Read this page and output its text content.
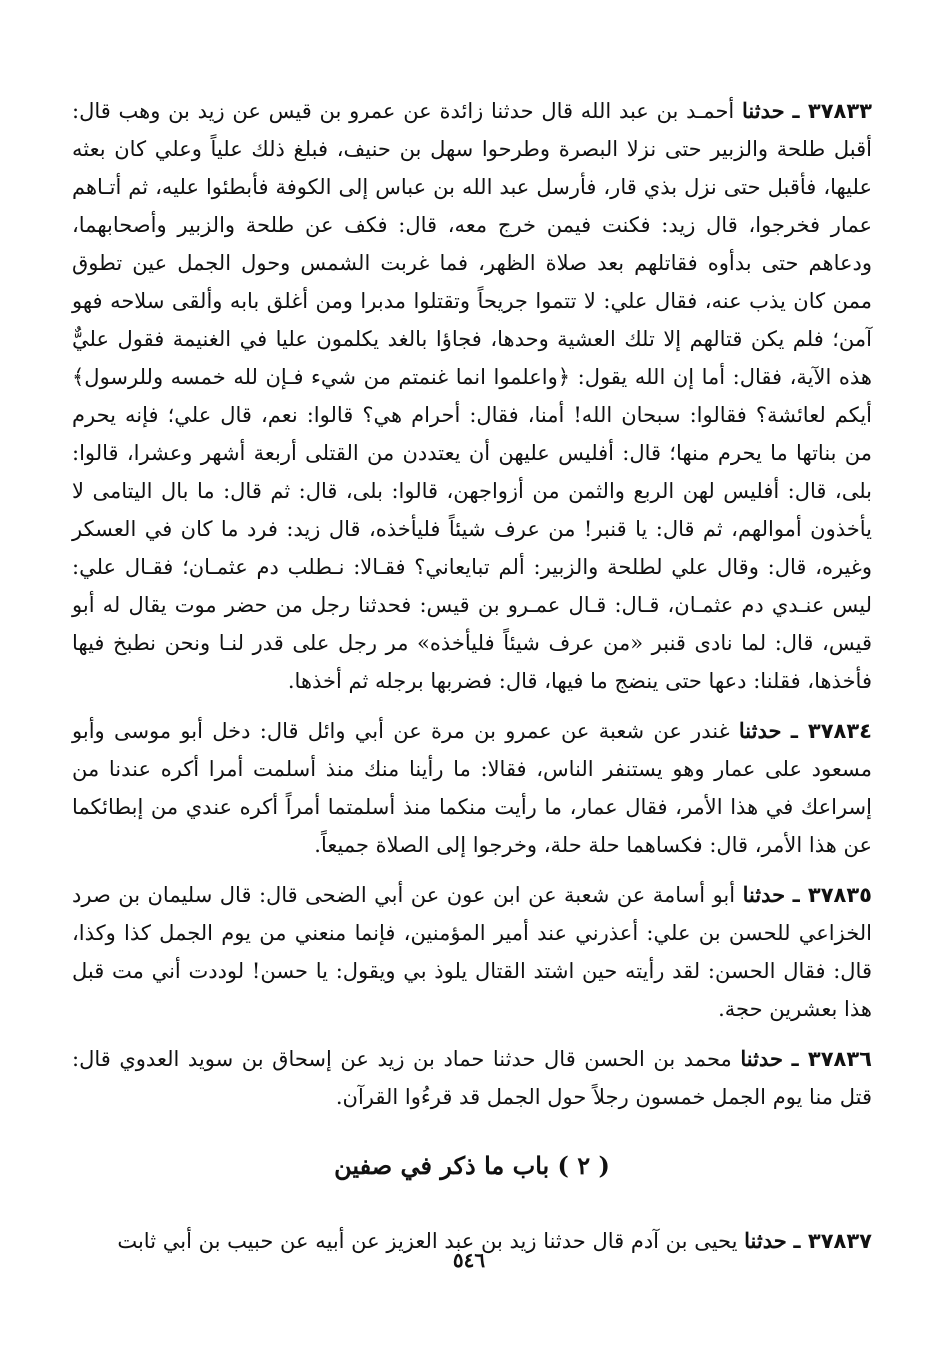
٣٧٨٣٣ ـ حدثنا أحمـد بن عبد الله قال حدثنا زائدة عن عمرو بن قيس عن زيد بن وهب قال: أقبل طلحة والزبير حتى نزلا البصرة وطرحوا سهل بن حنيف، فبلغ ذلك علياً وعلي كان بعثه عليها، فأقبل حتى نزل بذي قار، فأرسل عبد الله بن عباس إلى الكوفة فأبطئوا عليه، ثم أتـاهم عمار فخرجوا، قال زيد: فكنت فيمن خرج معه، قال: فكف عن طلحة والزبير وأصحابهما، ودعاهم حتى بدأوه فقاتلهم بعد صلاة الظهر، فما غربت الشمس وحول الجمل عين تطوق ممن كان يذب عنه، فقال علي: لا تتموا جريحاً وتقتلوا مدبرا ومن أغلق بابه وألقى سلاحه فهو آمن؛ فلم يكن قتالهم إلا تلك العشية وحدها، فجاؤا بالغد يكلمون عليا في الغنيمة فقول عليٌّ هذه الآية، فقال: أما إن الله يقول: ﴿واعلموا انما غنمتم من شيء فـإن لله خمسه وللرسول﴾ أيكم لعائشة؟ فقالوا: سبحان الله! أمنا، فقال: أحرام هي؟ قالوا: نعم، قال علي؛ فإنه يحرم من بناتها ما يحرم منها؛ قال: أفليس عليهن أن يعتددن من القتلى أربعة أشهر وعشرا، قالوا: بلى، قال: أفليس لهن الربع والثمن من أزواجهن، قالوا: بلى، قال: ثم قال: ما بال اليتامى لا يأخذون أموالهم، ثم قال: يا قنبر! من عرف شيئاً فليأخذه، قال زيد: فرد ما كان في العسكر وغيره، قال: وقال علي لطلحة والزبير: ألم تبايعاني؟ فقـالا: نـطلب دم عثمـان؛ فقـال علي: ليس عنـدي دم عثمـان، قـال: قـال عمـرو بن قيس: فحدثنا رجل من حضر موت يقال له أبو قيس، قال: لما نادى قنبر «من عرف شيئاً فليأخذه» مر رجل على قدر لنـا ونحن نطبخ فيها فأخذها، فقلنا: دعها حتى ينضج ما فيها، قال: فضربها برجله ثم أخذها.

٣٧٨٣٤ ـ حدثنا غندر عن شعبة عن عمرو بن مرة عن أبي وائل قال: دخل أبو موسى وأبو مسعود على عمار وهو يستنفر الناس، فقالا: ما رأينا منك منذ أسلمت أمرا أكره عندنا من إسراعك في هذا الأمر، فقال عمار، ما رأيت منكما منذ أسلمتما أمراً أكره عندي من إبطائكما عن هذا الأمر، قال: فكساهما حلة حلة، وخرجوا إلى الصلاة جميعاً.

٣٧٨٣٥ ـ حدثنا أبو أسامة عن شعبة عن ابن عون عن أبي الضحى قال: قال سليمان بن صرد الخزاعي للحسن بن علي: أعذرني عند أمير المؤمنين، فإنما منعني من يوم الجمل كذا وكذا، قال: فقال الحسن: لقد رأيته حين اشتد القتال يلوذ بي ويقول: يا حسن! لوددت أني مت قبل هذا بعشرين حجة.

٣٧٨٣٦ ـ حدثنا محمد بن الحسن قال حدثنا حماد بن زيد عن إسحاق بن سويد العدوي قال: قتل منا يوم الجمل خمسون رجلاً حول الجمل قد قرءُوا القرآن.

( ٢ ) باب ما ذكر في صفين

٣٧٨٣٧ ـ حدثنا يحيى بن آدم قال حدثنا زيد بن عبد العزيز عن أبيه عن حبيب بن أبي ثابت

٥٤٦
